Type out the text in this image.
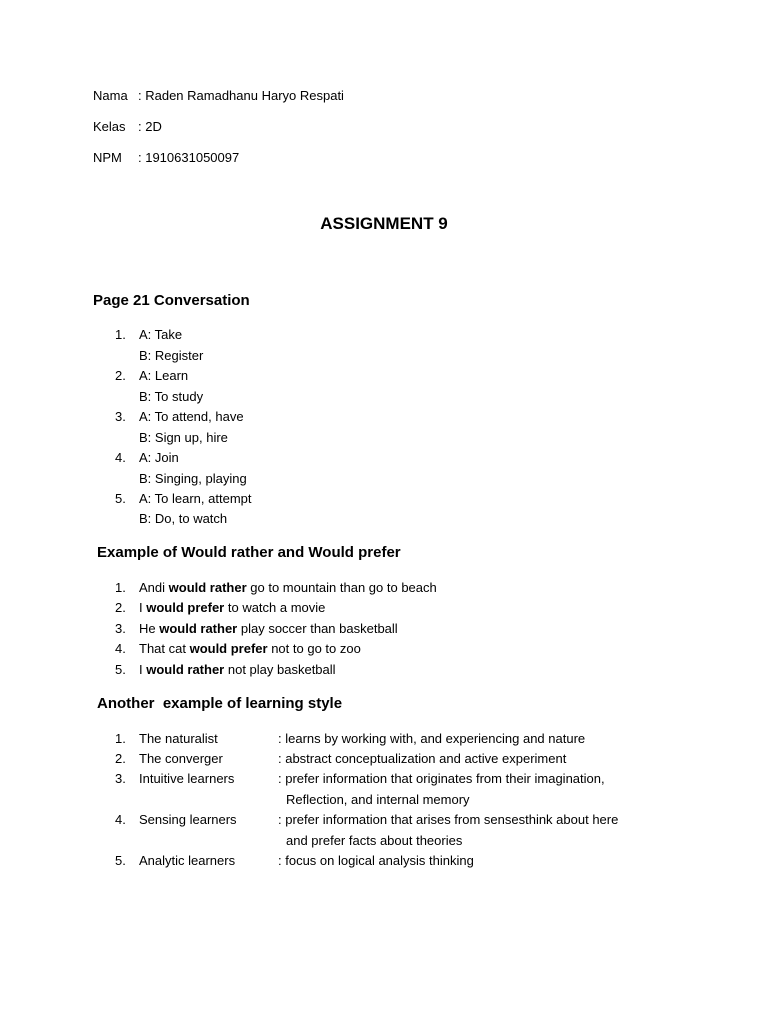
Nama : Raden Ramadhanu Haryo Respati
Kelas : 2D
NPM : 1910631050097
ASSIGNMENT 9
Page 21 Conversation
1.	A: Take
B: Register
2.	A: Learn
B: To study
3.	A: To attend, have
B: Sign up, hire
4.	A: Join
B: Singing, playing
5.	A: To learn, attempt
B: Do, to watch
Example of Would rather and Would prefer
1.	Andi would rather go to mountain than go to beach
2.	I would prefer to watch a movie
3.	He would rather play soccer than basketball
4.	That cat would prefer not to go to zoo
5.	I would rather not play basketball
Another  example of learning style
1.	The naturalist	: learns by working with, and experiencing and nature
2.	The converger	: abstract conceptualization and active experiment
3.	Intuitive learners	: prefer information that originates from their imagination,
Reflection, and internal memory
4.	Sensing learners	: prefer information that arises from sensesthink about here
and prefer facts about theories
5.	Analytic learners	: focus on logical analysis thinking
